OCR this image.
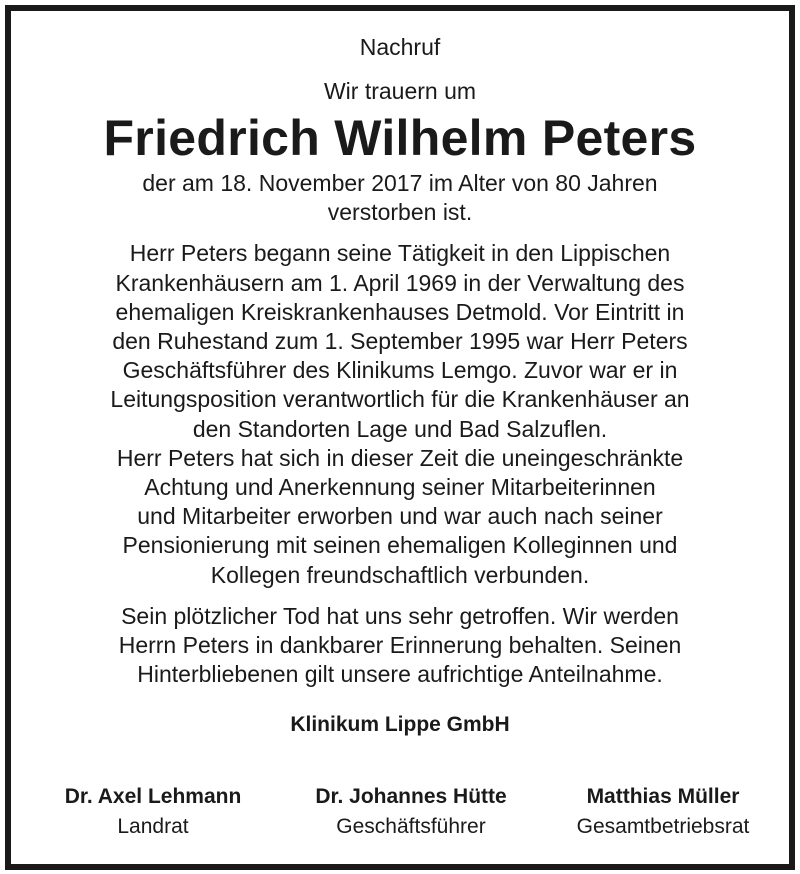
Nachruf

Wir trauern um

Friedrich Wilhelm Peters

der am 18. November 2017 im Alter von 80 Jahren
verstorben ist.

Herr Peters begann seine Tätigkeit in den Lippischen
Krankenhäusern am 1. April 1969 in der Verwaltung des
ehemaligen Kreiskrankenhauses Detmold. Vor Eintritt in
den Ruhestand zum 1. September 1995 war Herr Peters
Geschäftsführer des Klinikums Lemgo. Zuvor war er in
Leitungsposition verantwortlich für die Krankenhäuser an
den Standorten Lage und Bad Salzuflen.
Herr Peters hat sich in dieser Zeit die uneingeschränkte
Achtung und Anerkennung seiner Mitarbeiterinnen
und Mitarbeiter erworben und war auch nach seiner
Pensionierung mit seinen ehemaligen Kolleginnen und
Kollegen freundschaftlich verbunden.

Sein plötzlicher Tod hat uns sehr getroffen. Wir werden
Herrn Peters in dankbarer Erinnerung behalten. Seinen
Hinterbliebenen gilt unsere aufrichtige Anteilnahme.

Klinikum Lippe GmbH

Dr. Axel Lehmann
Landrat
Dr. Johannes Hütte
Geschäftsführer
Matthias Müller
Gesamtbetriebsrat
